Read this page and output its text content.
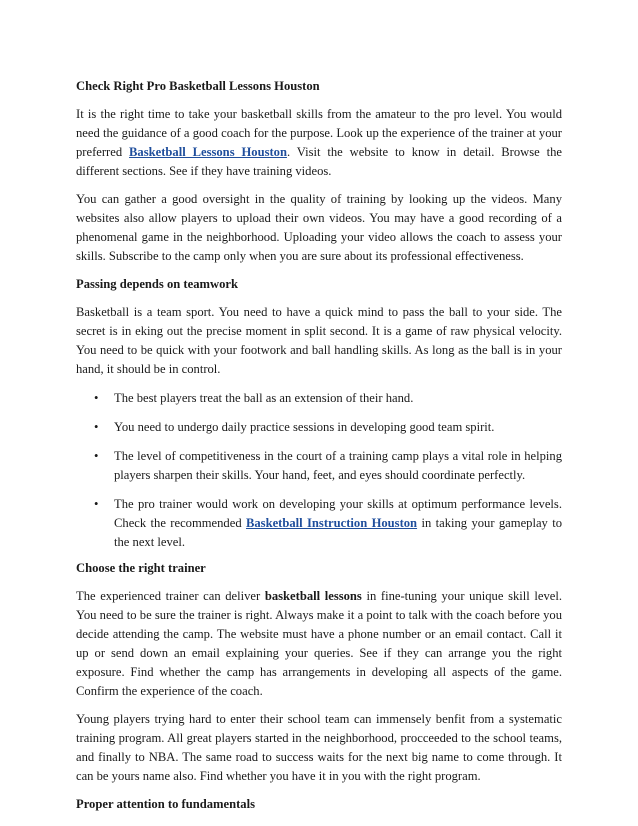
Check Right Pro Basketball Lessons Houston

It is the right time to take your basketball skills from the amateur to the pro level. You would need the guidance of a good coach for the purpose. Look up the experience of the trainer at your preferred Basketball Lessons Houston. Visit the website to know in detail. Browse the different sections. See if they have training videos.

You can gather a good oversight in the quality of training by looking up the videos. Many websites also allow players to upload their own videos. You may have a good recording of a phenomenal game in the neighborhood. Uploading your video allows the coach to assess your skills. Subscribe to the camp only when you are sure about its professional effectiveness.

Passing depends on teamwork

Basketball is a team sport. You need to have a quick mind to pass the ball to your side. The secret is in eking out the precise moment in split second. It is a game of raw physical velocity. You need to be quick with your footwork and ball handling skills. As long as the ball is in your hand, it should be in control.

• The best players treat the ball as an extension of their hand.
• You need to undergo daily practice sessions in developing good team spirit.
• The level of competitiveness in the court of a training camp plays a vital role in helping players sharpen their skills. Your hand, feet, and eyes should coordinate perfectly.
• The pro trainer would work on developing your skills at optimum performance levels. Check the recommended Basketball Instruction Houston in taking your gameplay to the next level.
Choose the right trainer

The experienced trainer can deliver basketball lessons in fine-tuning your unique skill level. You need to be sure the trainer is right. Always make it a point to talk with the coach before you decide attending the camp. The website must have a phone number or an email contact. Call it up or send down an email explaining your queries. See if they can arrange you the right exposure. Find whether the camp has arrangements in developing all aspects of the game. Confirm the experience of the coach.

Young players trying hard to enter their school team can immensely benfit from a systematic training program. All great players started in the neighborhood, procceeded to the school teams, and finally to NBA. The same road to success waits for the next big name to come through. It can be yours name also. Find whether you have it in you with the right program.

Proper attention to fundamentals
